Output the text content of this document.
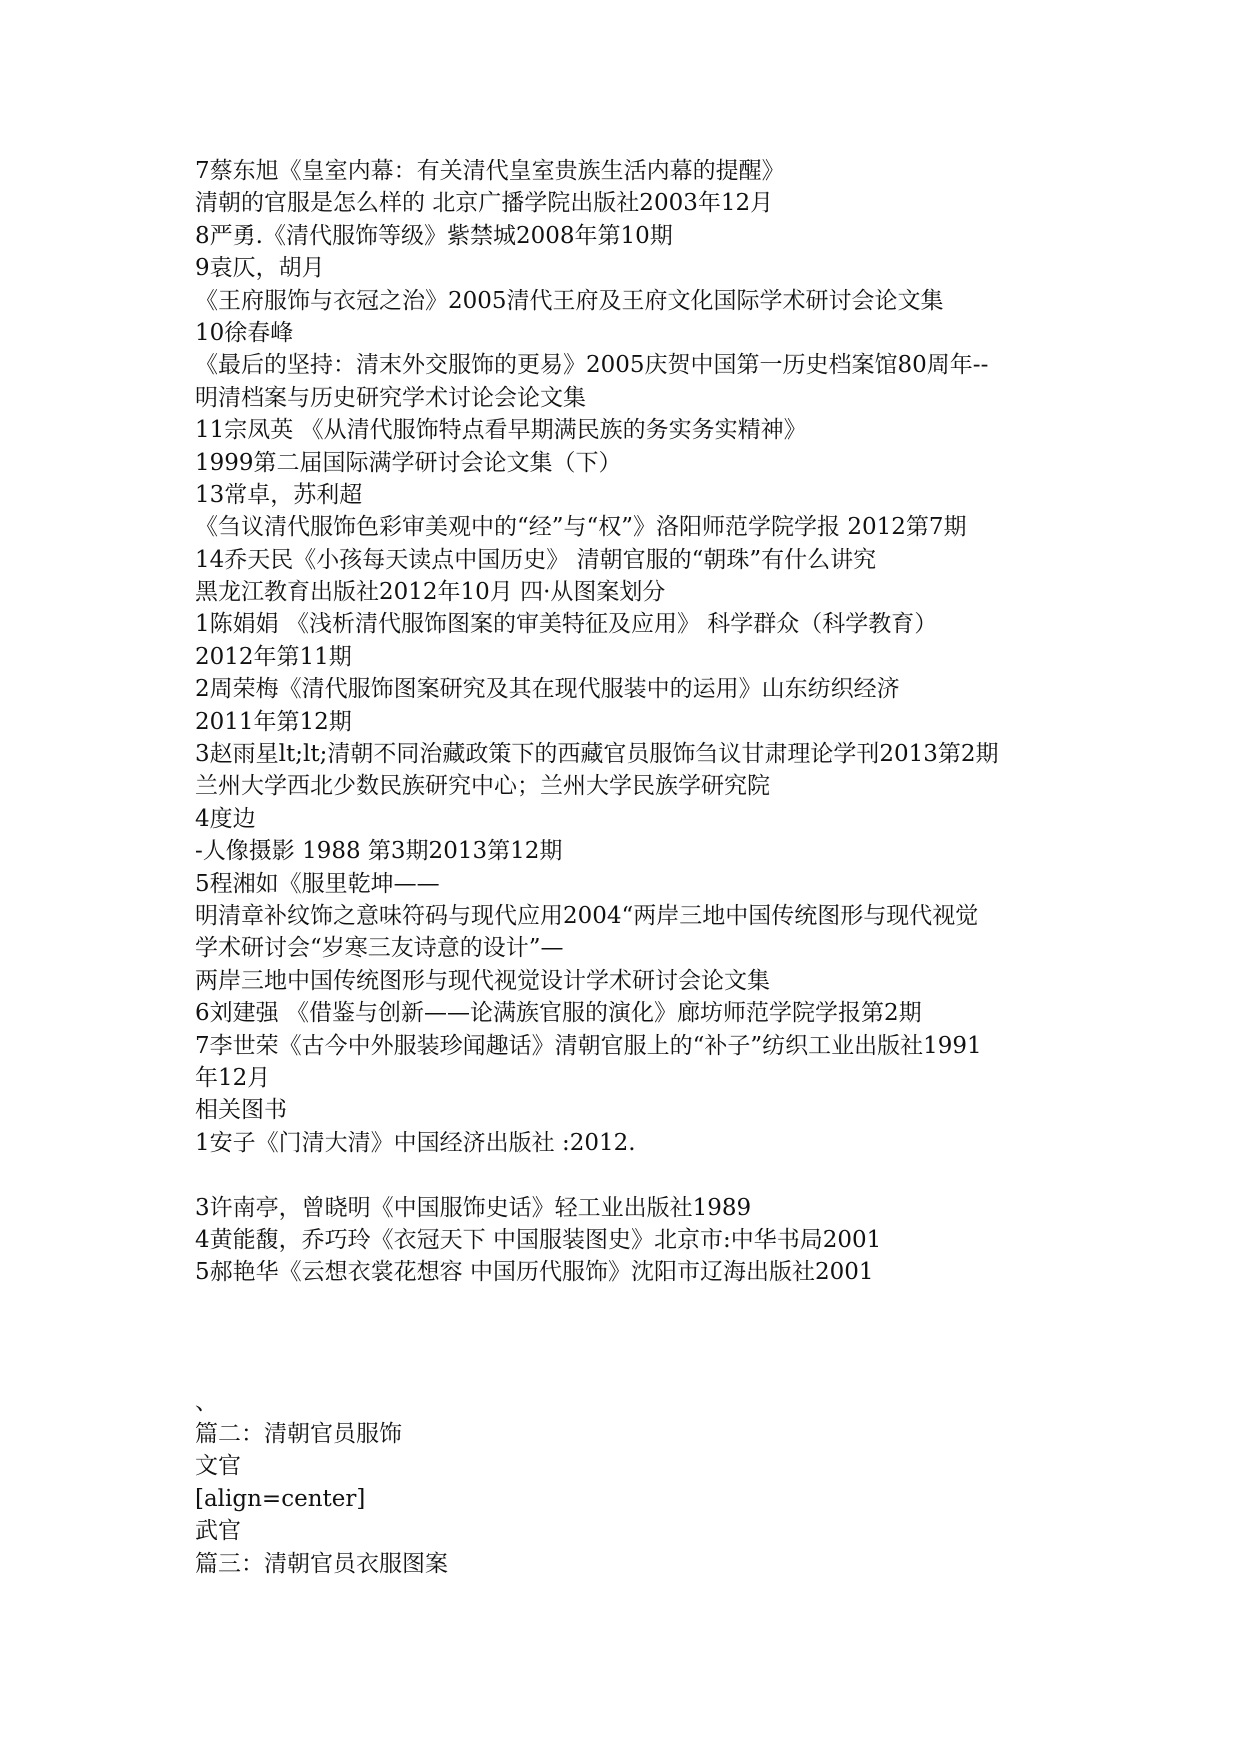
7蔡东旭《皇室内幕：有关清代皇室贵族生活内幕的提醒》
清朝的官服是怎么样的 北京广播学院出版社2003年12月
8严勇.《清代服饰等级》紫禁城2008年第10期
9袁仄，胡月
《王府服饰与衣冠之治》2005清代王府及王府文化国际学术研讨会论文集
10徐春峰
《最后的坚持：清末外交服饰的更易》2005庆贺中国第一历史档案馆80周年--
明清档案与历史研究学术讨论会论文集
11宗凤英 《从清代服饰特点看早期满民族的务实务实精神》
1999第二届国际满学研讨会论文集（下）
13常卓，苏利超
《刍议清代服饰色彩审美观中的“经”与“权”》洛阳师范学院学报 2012第7期
14乔天民《小孩每天读点中国历史》 清朝官服的“朝珠”有什么讲究
黑龙江教育出版社2012年10月 四·从图案划分
1陈娟娟 《浅析清代服饰图案的审美特征及应用》 科学群众（科学教育）
2012年第11期
2周荣梅《清代服饰图案研究及其在现代服装中的运用》山东纺织经济
2011年第12期
3赵雨星lt;lt;清朝不同治藏政策下的西藏官员服饰刍议甘肃理论学刊2013第2期
兰州大学西北少数民族研究中心；兰州大学民族学研究院
4度边
-人像摄影 1988 第3期2013第12期
5程湘如《服里乾坤——
明清章补纹饰之意味符码与现代应用2004“两岸三地中国传统图形与现代视觉
学术研讨会“岁寒三友诗意的设计”—
两岸三地中国传统图形与现代视觉设计学术研讨会论文集
6刘建强 《借鉴与创新——论满族官服的演化》廊坊师范学院学报第2期
7李世荣《古今中外服装珍闻趣话》清朝官服上的“补子”纺织工业出版社1991
年12月
相关图书
1安子《门清大清》中国经济出版社 :2012.
3许南亭，曾晓明《中国服饰史话》轻工业出版社1989
4黄能馥，乔巧玲《衣冠天下 中国服装图史》北京市:中华书局2001
5郝艳华《云想衣裳花想容 中国历代服饰》沈阳市辽海出版社2001
、
篇二：清朝官员服饰
文官
[align=center]
武官
篇三：清朝官员衣服图案
